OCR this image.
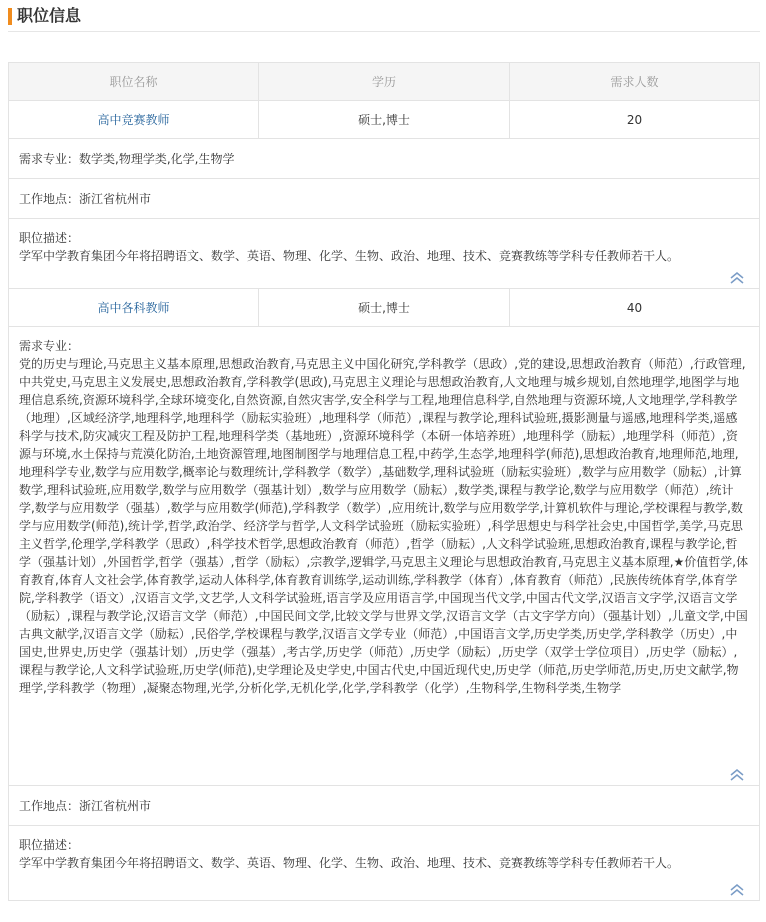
职位信息
职位名称	学历	需求人数
高中竞赛教师	硕士,博士	20
需求专业： 数学类,物理学类,化学,生物学
工作地点： 浙江省杭州市
职位描述：
学军中学教育集团今年将招聘语文、数学、英语、物理、化学、生物、政治、地理、技术、竞赛教练等学科专任教师若干人。
高中各科教师	硕士,博士	40
需求专业：
党的历史与理论,马克思主义基本原理,思想政治教育,马克思主义中国化研究,学科教学（思政）,党的建设,思想政治教育（师范）,行政管理,中共党史,马克思主义发展史,思想政治教育,学科教学(思政),马克思主义理论与思想政治教育,人文地理与城乡规划,自然地理学,地图学与地理信息系统,资源环境科学,全球环境变化,自然资源,自然灾害学,安全科学与工程,地理信息科学,自然地理与资源环境,人文地理学,学科教学（地理）,区域经济学,地理科学,地理科学（励耘实验班）,地理科学（师范）,课程与教学论,理科试验班,摄影测量与遥感,地理科学类,遥感科学与技术,防灾减灾工程及防护工程,地理科学类（基地班）,资源环境科学（本研一体培养班）,地理科学（励耘）,地理学科（师范）,资源与环境,水土保持与荒漠化防治,土地资源管理,地图制图学与地理信息工程,中药学,生态学,地理科学(师范),思想政治教育,地理师范,地理,地理科学专业,数学与应用数学,概率论与数理统计,学科教学（数学）,基础数学,理科试验班（励耘实验班）,数学与应用数学（励耘）,计算数学,理科试验班,应用数学,数学与应用数学（强基计划）,数学与应用数学（励耘）,数学类,课程与教学论,数学与应用数学（师范）,统计学,数学与应用数学（强基）,数学与应用数学(师范),学科教学（数学）,应用统计,数学与应用数学学,计算机软件与理论,学校课程与教学,数学与应用数学(师范),统计学,哲学,政治学、经济学与哲学,人文科学试验班（励耘实验班）,科学思想史与科学社会史,中国哲学,美学,马克思主义哲学,伦理学,学科教学（思政）,科学技术哲学,思想政治教育（师范）,哲学（励耘）,人文科学试验班,思想政治教育,课程与教学论,哲学（强基计划）,外国哲学,哲学（强基）,哲学（励耘）,宗教学,逻辑学,马克思主义理论与思想政治教育,马克思主义基本原理,★价值哲学,体育教育,体育人文社会学,体育教学,运动人体科学,体育教育训练学,运动训练,学科教学（体育）,体育教育（师范）,民族传统体育学,体育学院,学科教学（语文）,汉语言文学,文艺学,人文科学试验班,语言学及应用语言学,中国现当代文学,中国古代文学,汉语言文字学,汉语言文学（励耘）,课程与教学论,汉语言文学（师范）,中国民间文学,比较文学与世界文学,汉语言文学（古文字学方向）（强基计划）,儿童文学,中国古典文献学,汉语言文学（励耘）,民俗学,学校课程与教学,汉语言文学专业（师范）,中国语言文学,历史学类,历史学,学科教学（历史）,中国史,世界史,历史学（强基计划）,历史学（强基）,考古学,历史学（师范）,历史学（励耘）,历史学（双学士学位项目）,历史学（励耘）,课程与教学论,人文科学试验班,历史学(师范),史学理论及史学史,中国古代史,中国近现代史,历史学（师范,历史学师范,历史,历史文献学,物理学,学科教学（物理）,凝聚态物理,光学,分析化学,无机化学,化学,学科教学（化学）,生物科学,生物科学类,生物学
工作地点： 浙江省杭州市
职位描述：
学军中学教育集团今年将招聘语文、数学、英语、物理、化学、生物、政治、地理、技术、竞赛教练等学科专任教师若干人。
